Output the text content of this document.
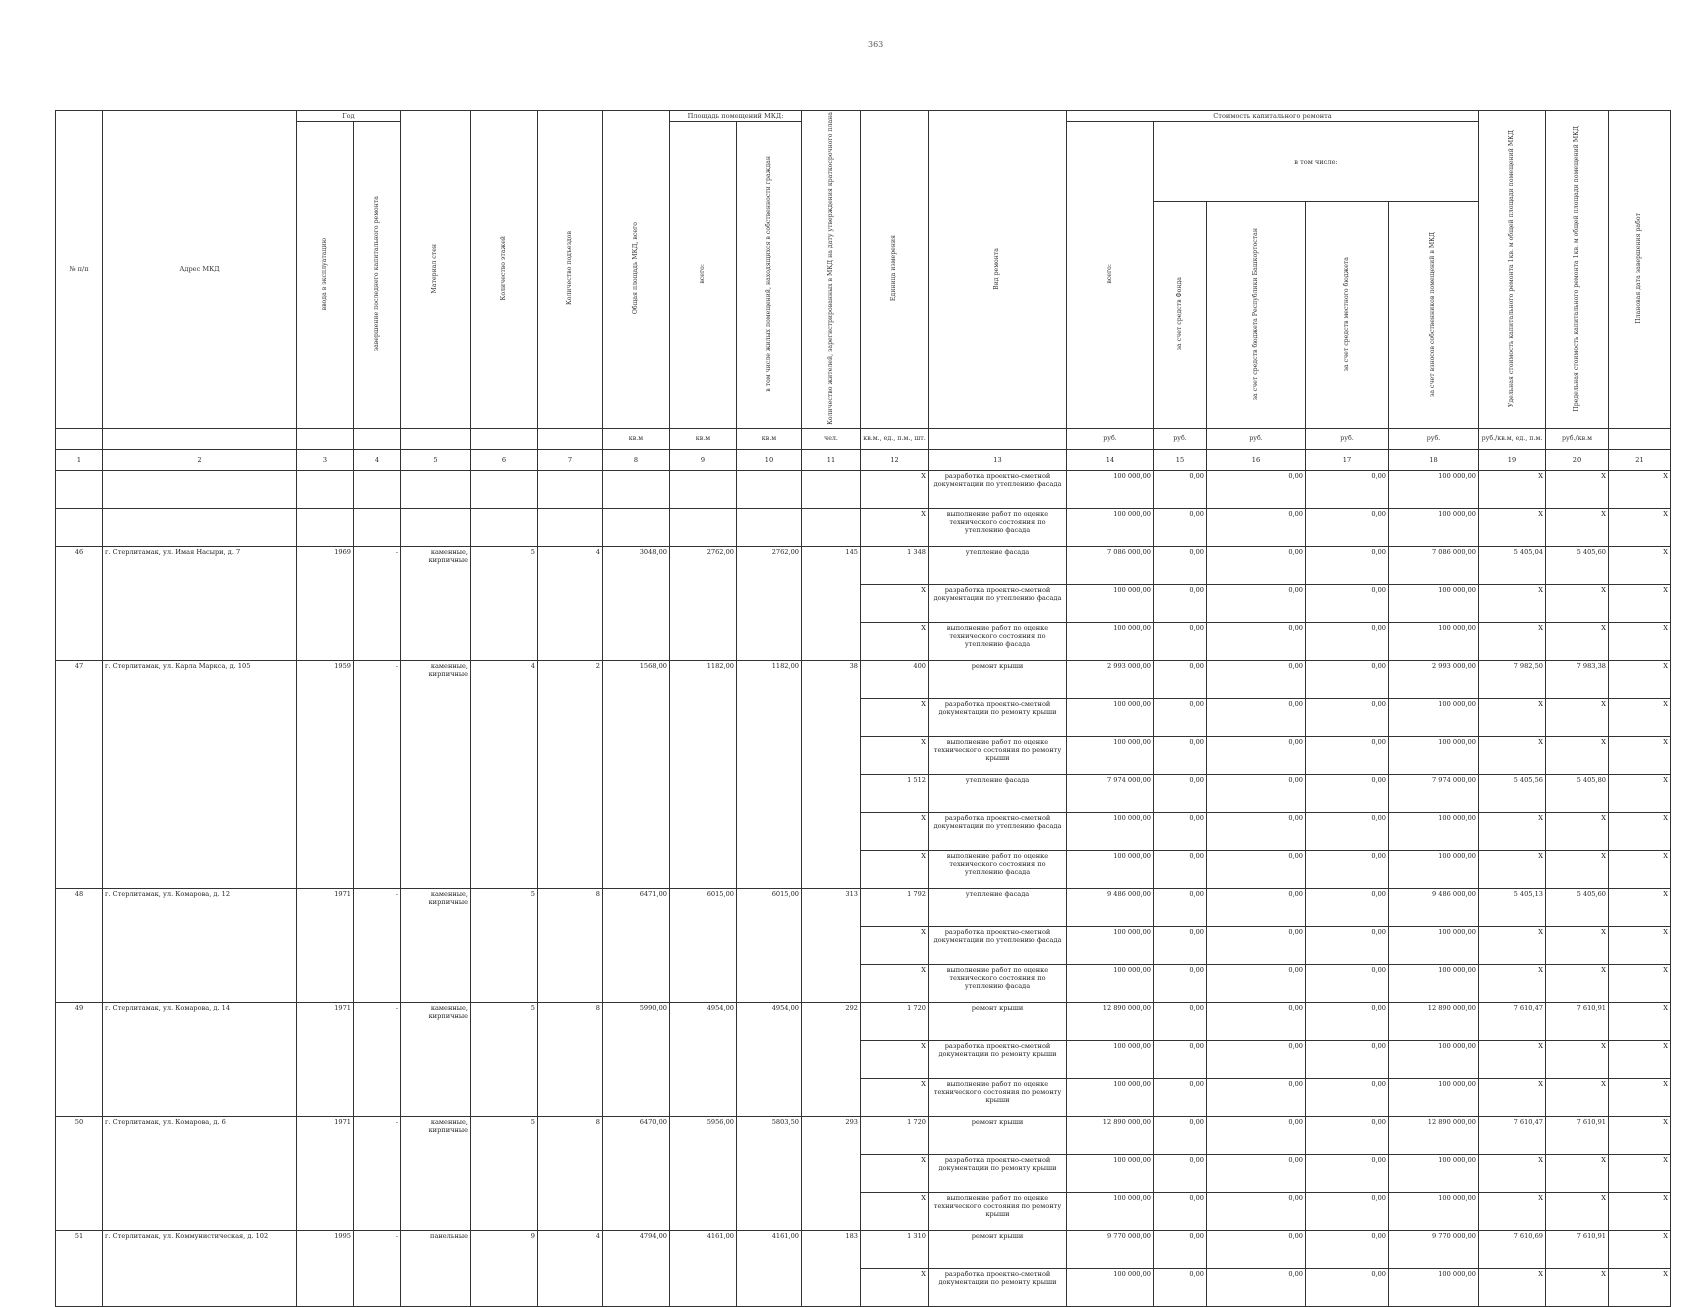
363
№ п/п	Адрес МКД	Год		Материал стен	Количество этажей	Количество подъездов	Общая площадь МКД, всего	Площадь помещений МКД:		Количество жителей, зарегистрированных в МКД на дату утверждения краткосрочного плана	Единица измерения	Вид ремонта	Стоимость капитального ремонта					Удельная стоимость капитального ремонта 1кв. м общей площади помещений МКД	Предельная стоимость капитального ремонта 1кв. м общей площади помещений МКД	Плановая дата завершения работ
		ввода в эксплуатацию	завершение последнего капитального ремонта					всего:	в том числе жилых помещений, находящихся в собственности граждан				всего:	в том числе:						
														за счет средств Фонда	за счет средств бюджета Республики Башкортостан	за счет средств местного бюджета	за счет взносов собственников помещений в МКД			
							кв.м	кв.м	кв.м	чел.	кв.м., ед., п.м., шт.		руб.	руб.	руб.	руб.	руб.	руб./кв.м, ед., п.м.	руб./кв.м	
1	2	3	4	5	6	7	8	9	10	11	12	13	14	15	16	17	18	19	20	21
											X	разработка проектно-сметной документации по утеплению фасада	100 000,00	0,00	0,00	0,00	100 000,00	X	X	X
											X	выполнение работ по оценке технического состояния по утеплению фасада	100 000,00	0,00	0,00	0,00	100 000,00	X	X	X
46	г. Стерлитамак, ул. Имая Насыри, д. 7	1969	-	каменные, кирпичные	5	4	3048,00	2762,00	2762,00	145	1 348	утепление фасада	7 086 000,00	0,00	0,00	0,00	7 086 000,00	5 405,04	5 405,60	X
											X	разработка проектно-сметной документации по утеплению фасада	100 000,00	0,00	0,00	0,00	100 000,00	X	X	X
											X	выполнение работ по оценке технического состояния по утеплению фасада	100 000,00	0,00	0,00	0,00	100 000,00	X	X	X
47	г. Стерлитамак, ул. Карла Маркса, д. 105	1959	-	каменные, кирпичные	4	2	1568,00	1182,00	1182,00	38	400	ремонт крыши	2 993 000,00	0,00	0,00	0,00	2 993 000,00	7 982,50	7 983,38	X
											X	разработка проектно-сметной документации по ремонту крыши	100 000,00	0,00	0,00	0,00	100 000,00	X	X	X
											X	выполнение работ по оценке технического состояния по ремонту крыши	100 000,00	0,00	0,00	0,00	100 000,00	X	X	X
											1 512	утепление фасада	7 974 000,00	0,00	0,00	0,00	7 974 000,00	5 405,56	5 405,80	X
											X	разработка проектно-сметной документации по утеплению фасада	100 000,00	0,00	0,00	0,00	100 000,00	X	X	X
											X	выполнение работ по оценке технического состояния по утеплению фасада	100 000,00	0,00	0,00	0,00	100 000,00	X	X	X
48	г. Стерлитамак, ул. Комарова, д. 12	1971	-	каменные, кирпичные	5	8	6471,00	6015,00	6015,00	313	1 792	утепление фасада	9 486 000,00	0,00	0,00	0,00	9 486 000,00	5 405,13	5 405,60	X
											X	разработка проектно-сметной документации по утеплению фасада	100 000,00	0,00	0,00	0,00	100 000,00	X	X	X
											X	выполнение работ по оценке технического состояния по утеплению фасада	100 000,00	0,00	0,00	0,00	100 000,00	X	X	X
49	г. Стерлитамак, ул. Комарова, д. 14	1971	-	каменные, кирпичные	5	8	5990,00	4954,00	4954,00	292	1 720	ремонт крыши	12 890 000,00	0,00	0,00	0,00	12 890 000,00	7 610,47	7 610,91	X
											X	разработка проектно-сметной документации по ремонту крыши	100 000,00	0,00	0,00	0,00	100 000,00	X	X	X
											X	выполнение работ по оценке технического состояния по ремонту крыши	100 000,00	0,00	0,00	0,00	100 000,00	X	X	X
50	г. Стерлитамак, ул. Комарова, д. 6	1971	-	каменные, кирпичные	5	8	6470,00	5956,00	5803,50	293	1 720	ремонт крыши	12 890 000,00	0,00	0,00	0,00	12 890 000,00	7 610,47	7 610,91	X
											X	разработка проектно-сметной документации по ремонту крыши	100 000,00	0,00	0,00	0,00	100 000,00	X	X	X
											X	выполнение работ по оценке технического состояния по ремонту крыши	100 000,00	0,00	0,00	0,00	100 000,00	X	X	X
51	г. Стерлитамак, ул. Коммунистическая, д. 102	1995	-	панельные	9	4	4794,00	4161,00	4161,00	183	1 310	ремонт крыши	9 770 000,00	0,00	0,00	0,00	9 770 000,00	7 610,69	7 610,91	X
											X	разработка проектно-сметной документации по ремонту крыши	100 000,00	0,00	0,00	0,00	100 000,00	X	X	X
